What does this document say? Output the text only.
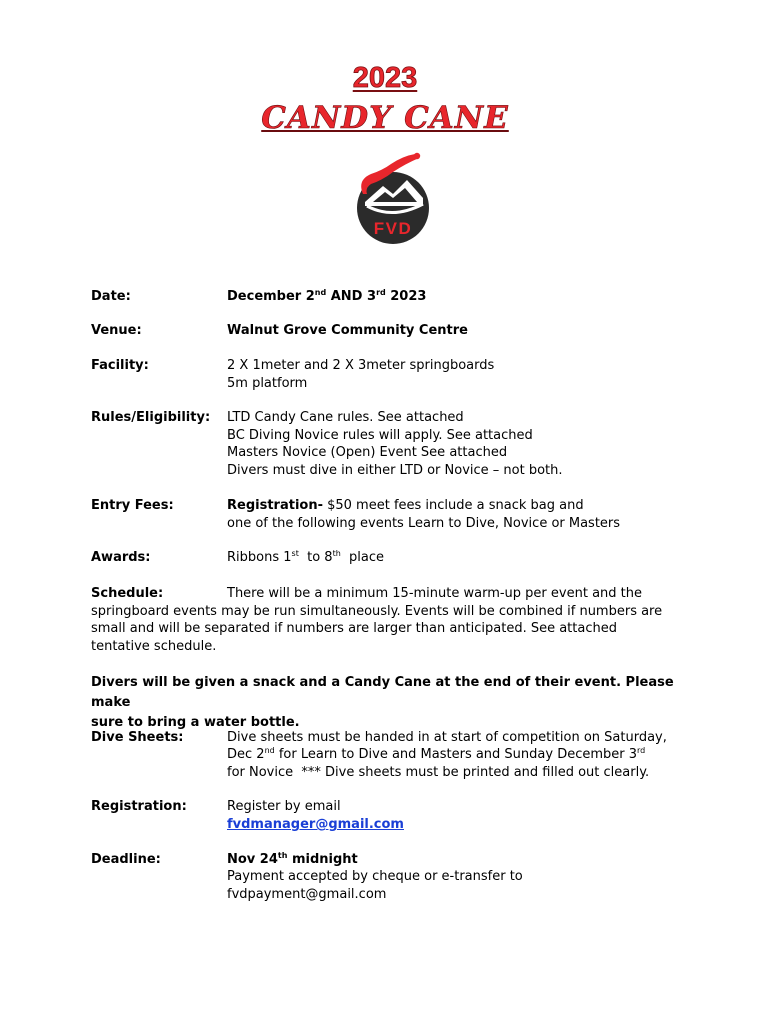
2023
CANDY CANE
FVD
Date:	December 2nd AND 3rd 2023
Venue:	Walnut Grove Community Centre
Facility:	2 X 1meter and 2 X 3meter springboards
5m platform
Rules/Eligibility: LTD Candy Cane rules. See attached
BC Diving Novice rules will apply. See attached
Masters Novice (Open) Event See attached
Divers must dive in either LTD or Novice – not both.
Entry Fees:	Registration- $50 meet fees include a snack bag and
one of the following events Learn to Dive, Novice or Masters
Awards:	Ribbons 1st  to 8th  place
Schedule:	There will be a minimum 15-minute warm-up per event and the

springboard events may be run simultaneously. Events will be combined if numbers are
small and will be separated if numbers are larger than anticipated. See attached
tentative schedule.
Divers will be given a snack and a Candy Cane at the end of their event. Please make
sure to bring a water bottle.
Dive Sheets:	Dive sheets must be handed in at start of competition on Saturday,
Dec 2nd for Learn to Dive and Masters and Sunday December 3rd
for Novice  *** Dive sheets must be printed and filled out clearly.
Registration:	Register by email
fvdmanager@gmail.com
Deadline:	Nov 24th midnight
Payment accepted by cheque or e-transfer to
fvdpayment@gmail.com
